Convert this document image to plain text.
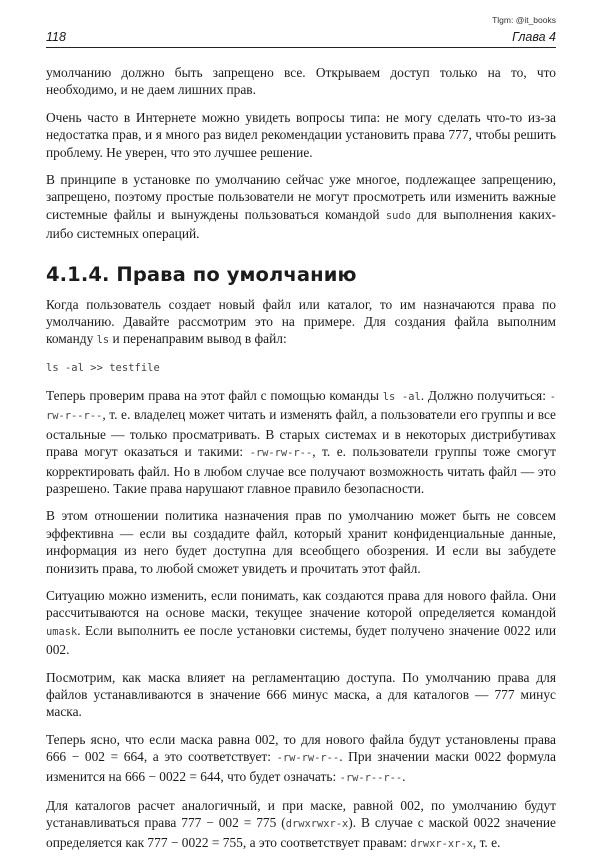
Tlgm: @it_books
118	Глава 4

умолчанию должно быть запрещено все. Открываем доступ только на то, что необходимо, и не даем лишних прав.

Очень часто в Интернете можно увидеть вопросы типа: не могу сделать что-то из-за недостатка прав, и я много раз видел рекомендации установить права 777, чтобы решить проблему. Не уверен, что это лучшее решение.

В принципе в установке по умолчанию сейчас уже многое, подлежащее запрещению, запрещено, поэтому простые пользователи не могут просмотреть или изменить важные системные файлы и вынуждены пользоваться командой sudo для выполнения каких-либо системных операций.

4.1.4. Права по умолчанию

Когда пользователь создает новый файл или каталог, то им назначаются права по умолчанию. Давайте рассмотрим это на примере. Для создания файла выполним команду ls и перенаправим вывод в файл:

ls -al >> testfile

Теперь проверим права на этот файл с помощью команды ls -al. Должно получиться: -rw-r--r--, т. е. владелец может читать и изменять файл, а пользователи его группы и все остальные — только просматривать. В старых системах и в некоторых дистрибутивах права могут оказаться и такими: -rw-rw-r--, т. е. пользователи группы тоже смогут корректировать файл. Но в любом случае все получают возможность читать файл — это разрешено. Такие права нарушают главное правило безопасности.

В этом отношении политика назначения прав по умолчанию может быть не совсем эффективна — если вы создадите файл, который хранит конфиденциальные данные, информация из него будет доступна для всеобщего обозрения. И если вы забудете понизить права, то любой сможет увидеть и прочитать этот файл.

Ситуацию можно изменить, если понимать, как создаются права для нового файла. Они рассчитываются на основе маски, текущее значение которой определяется командой umask. Если выполнить ее после установки системы, будет получено значение 0022 или 002.

Посмотрим, как маска влияет на регламентацию доступа. По умолчанию права для файлов устанавливаются в значение 666 минус маска, а для каталогов — 777 минус маска.

Теперь ясно, что если маска равна 002, то для нового файла будут установлены права 666 − 002 = 664, а это соответствует: -rw-rw-r--. При значении маски 0022 формула изменится на 666 − 0022 = 644, что будет означать: -rw-r--r--.

Для каталогов расчет аналогичный, и при маске, равной 002, по умолчанию будут устанавливаться права 777 − 002 = 775 (drwxrwxr-x). В случае с маской 0022 значение определяется как 777 − 0022 = 755, а это соответствует правам: drwxr-xr-x, т. е.
